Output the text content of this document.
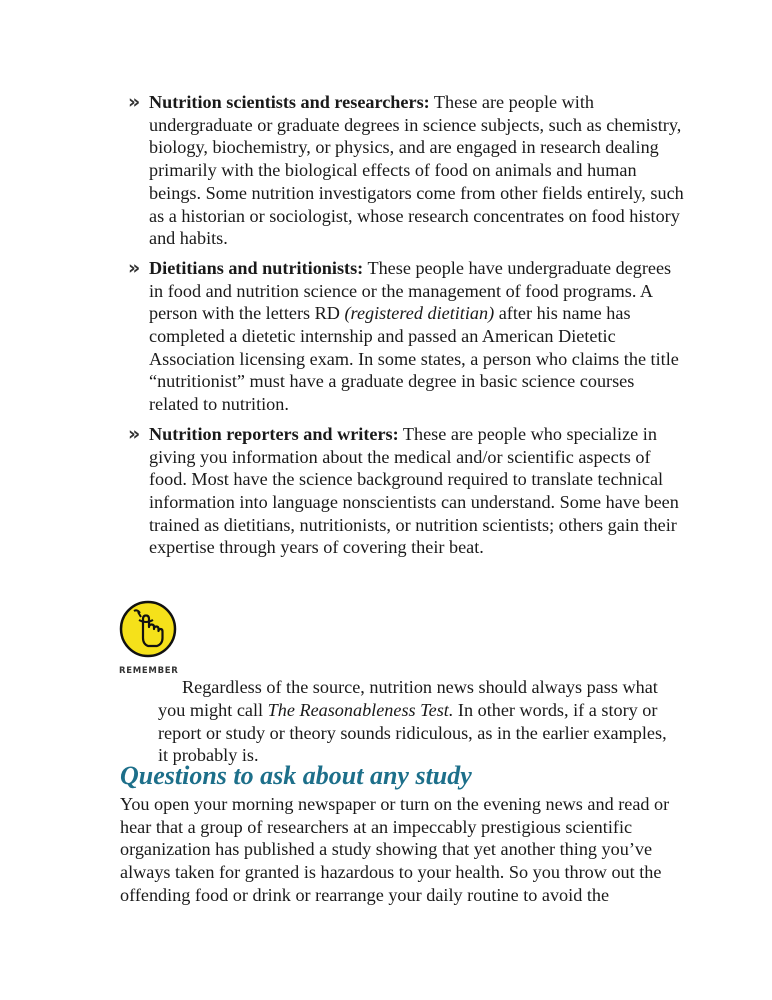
» Nutrition scientists and researchers: These are people with undergraduate or graduate degrees in science subjects, such as chemistry, biology, biochemistry, or physics, and are engaged in research dealing primarily with the biological effects of food on animals and human beings. Some nutrition investigators come from other fields entirely, such as a historian or sociologist, whose research concentrates on food history and habits.
» Dietitians and nutritionists: These people have undergraduate degrees in food and nutrition science or the management of food programs. A person with the letters RD (registered dietitian) after his name has completed a dietetic internship and passed an American Dietetic Association licensing exam. In some states, a person who claims the title “nutritionist” must have a graduate degree in basic science courses related to nutrition.
» Nutrition reporters and writers: These are people who specialize in giving you information about the medical and/or scientific aspects of food. Most have the science background required to translate technical information into language nonscientists can understand. Some have been trained as dietitians, nutritionists, or nutrition scientists; others gain their expertise through years of covering their beat.
REMEMBER

Regardless of the source, nutrition news should always pass what you might call The Reasonableness Test. In other words, if a story or report or study or theory sounds ridiculous, as in the earlier examples, it probably is.

Questions to ask about any study

You open your morning newspaper or turn on the evening news and read or hear that a group of researchers at an impeccably prestigious scientific organization has published a study showing that yet another thing you’ve always taken for granted is hazardous to your health. So you throw out the offending food or drink or rearrange your daily routine to avoid the
